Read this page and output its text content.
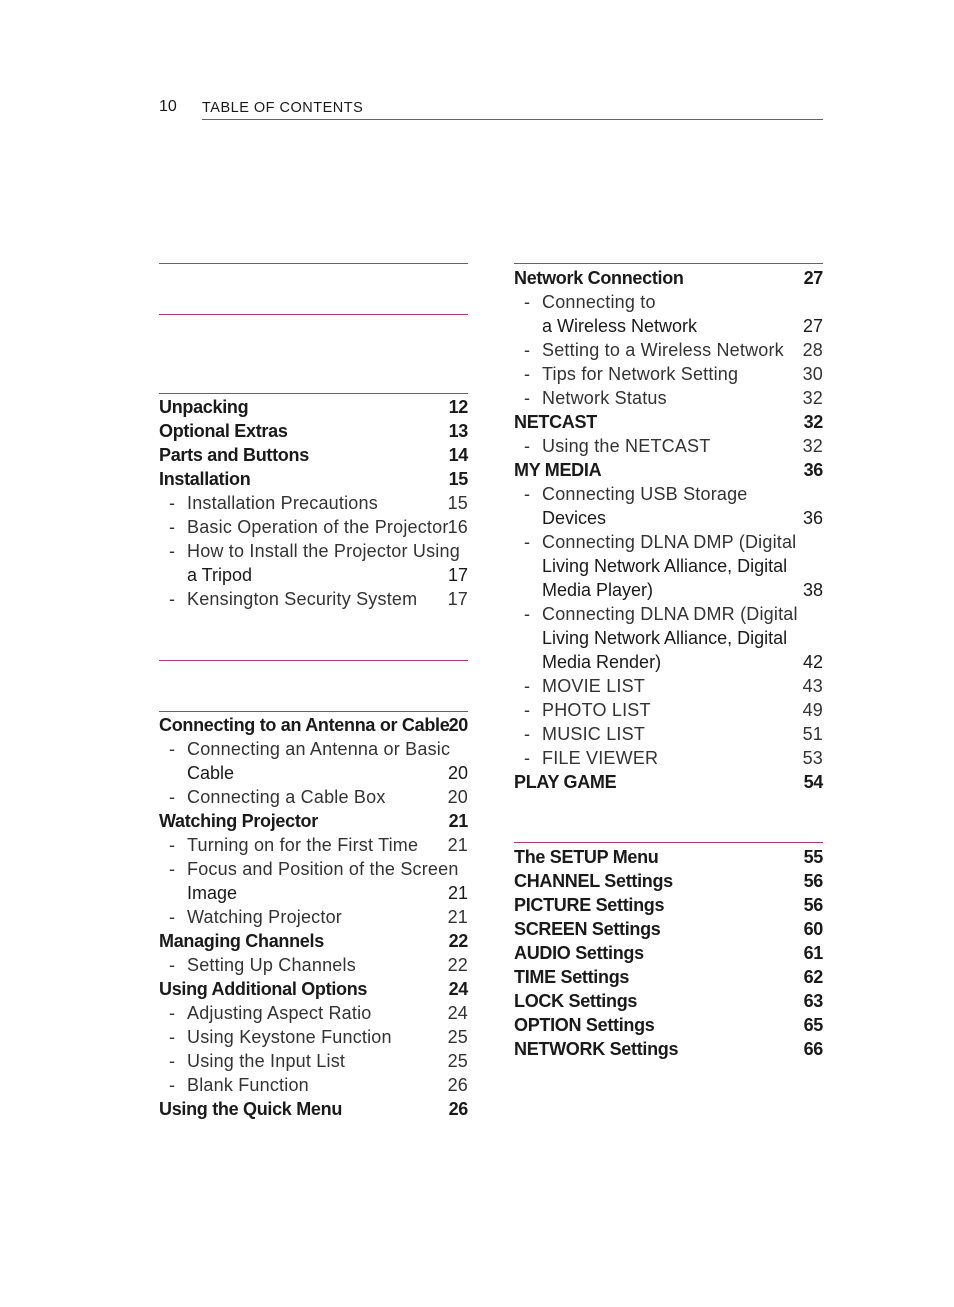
10 TABLE OF CONTENTS
Unpacking	12
Optional Extras	13
Parts and Buttons	14
Installation	15
- Installation Precautions	15
- Basic Operation of the Projector 16
- How to Install the Projector Using
a Tripod	17
- Kensington Security System 17
Connecting to an Antenna or Cable 20
- Connecting an Antenna or Basic
Cable	20
- Connecting a Cable Box	20
Watching Projector	21
- Turning on for the First Time 21
- Focus and Position of the Screen
Image	21
- Watching Projector	21
Managing Channels	22
- Setting Up Channels	22
Using Additional Options	24
- Adjusting Aspect Ratio	24
- Using Keystone Function	25
- Using the Input List	25
- Blank Function	26
Using the Quick Menu	26
Network Connection	27
- Connecting to
a Wireless Network	27
- Setting to a Wireless Network 28
- Tips for Network Setting	30
- Network Status	32
NETCAST	32
- Using the NETCAST	32
MY MEDIA	36
- Connecting USB Storage
Devices	36
- Connecting DLNA DMP (Digital
Living Network Alliance, Digital
Media Player)	38
- Connecting DLNA DMR (Digital
Living Network Alliance, Digital
Media Render)	42
- MOVIE LIST	43
- PHOTO LIST	49
- MUSIC LIST	51
- FILE VIEWER	53
PLAY GAME	54
The SETUP Menu	55
CHANNEL Settings	56
PICTURE Settings	56
SCREEN Settings	60
AUDIO Settings	61
TIME Settings	62
LOCK Settings	63
OPTION Settings	65
NETWORK Settings	66
